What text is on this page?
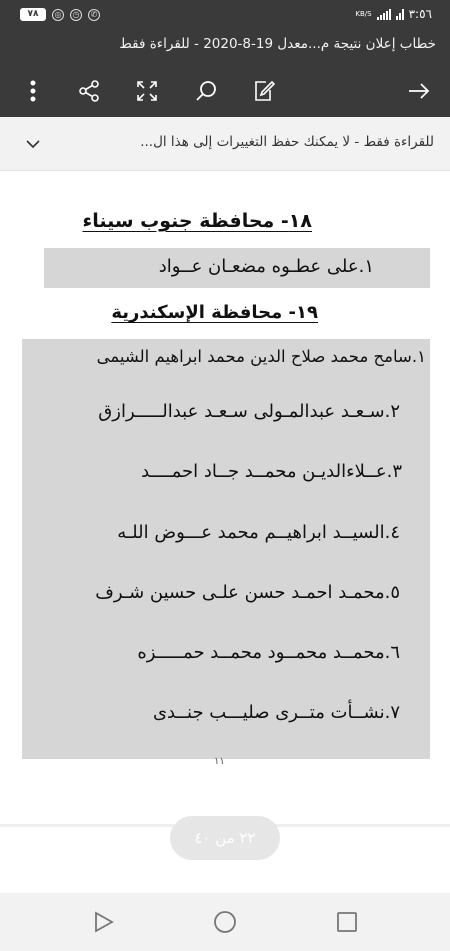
٧٨	◎	◷	✆	KB/S	٣:٥٦
خطاب إعلان نتيجة م...معدل 19-8-2020 - للقراءة فقط
للقراءة فقط - لا يمكنك حفظ التغييرات إلى هذا ال...
١٨- محافظة جنوب سيناء
١.على عطـوه مضعـان عــواد
١٩- محافظة الإسكندرية
١.سامح محمد صلاح الدين محمد ابراهيم الشيمى
٢.سـعـد عبدالمـولى سـعـد عبدالـــــرازق
٣.عــلاءالديـن محمــد جــاد احمــــد
٤.السيــد ابراهيــم محمد عـــوض اللـه
٥.محمـد احمـد حسن علـى حسين شـرف
٦.محمــد محمــود محمــد حمـــــزه
٧.نشــأت متــرى صليـــب جنــدى
١١
٢٢ من ٤٠
